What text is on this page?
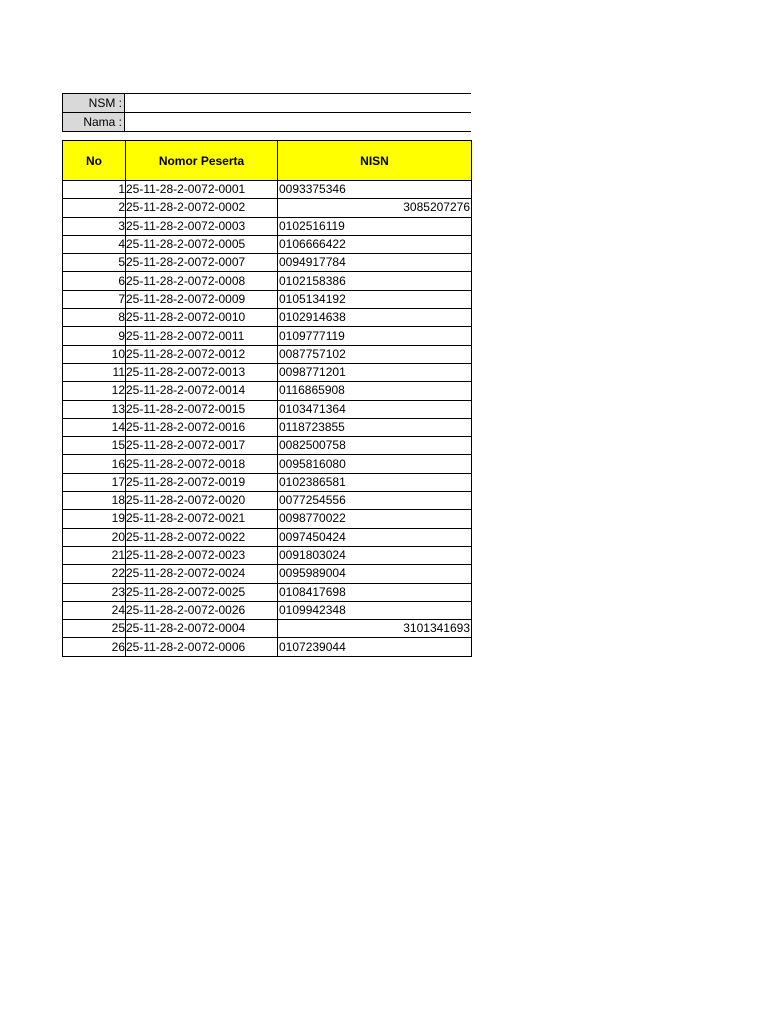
NSM :	
Nama :	
No	Nomor Peserta	NISN
1	25-11-28-2-0072-0001	0093375346
2	25-11-28-2-0072-0002	3085207276
3	25-11-28-2-0072-0003	0102516119
4	25-11-28-2-0072-0005	0106666422
5	25-11-28-2-0072-0007	0094917784
6	25-11-28-2-0072-0008	0102158386
7	25-11-28-2-0072-0009	0105134192
8	25-11-28-2-0072-0010	0102914638
9	25-11-28-2-0072-0011	0109777119
10	25-11-28-2-0072-0012	0087757102
11	25-11-28-2-0072-0013	0098771201
12	25-11-28-2-0072-0014	0116865908
13	25-11-28-2-0072-0015	0103471364
14	25-11-28-2-0072-0016	0118723855
15	25-11-28-2-0072-0017	0082500758
16	25-11-28-2-0072-0018	0095816080
17	25-11-28-2-0072-0019	0102386581
18	25-11-28-2-0072-0020	0077254556
19	25-11-28-2-0072-0021	0098770022
20	25-11-28-2-0072-0022	0097450424
21	25-11-28-2-0072-0023	0091803024
22	25-11-28-2-0072-0024	0095989004
23	25-11-28-2-0072-0025	0108417698
24	25-11-28-2-0072-0026	0109942348
25	25-11-28-2-0072-0004	3101341693
26	25-11-28-2-0072-0006	0107239044
